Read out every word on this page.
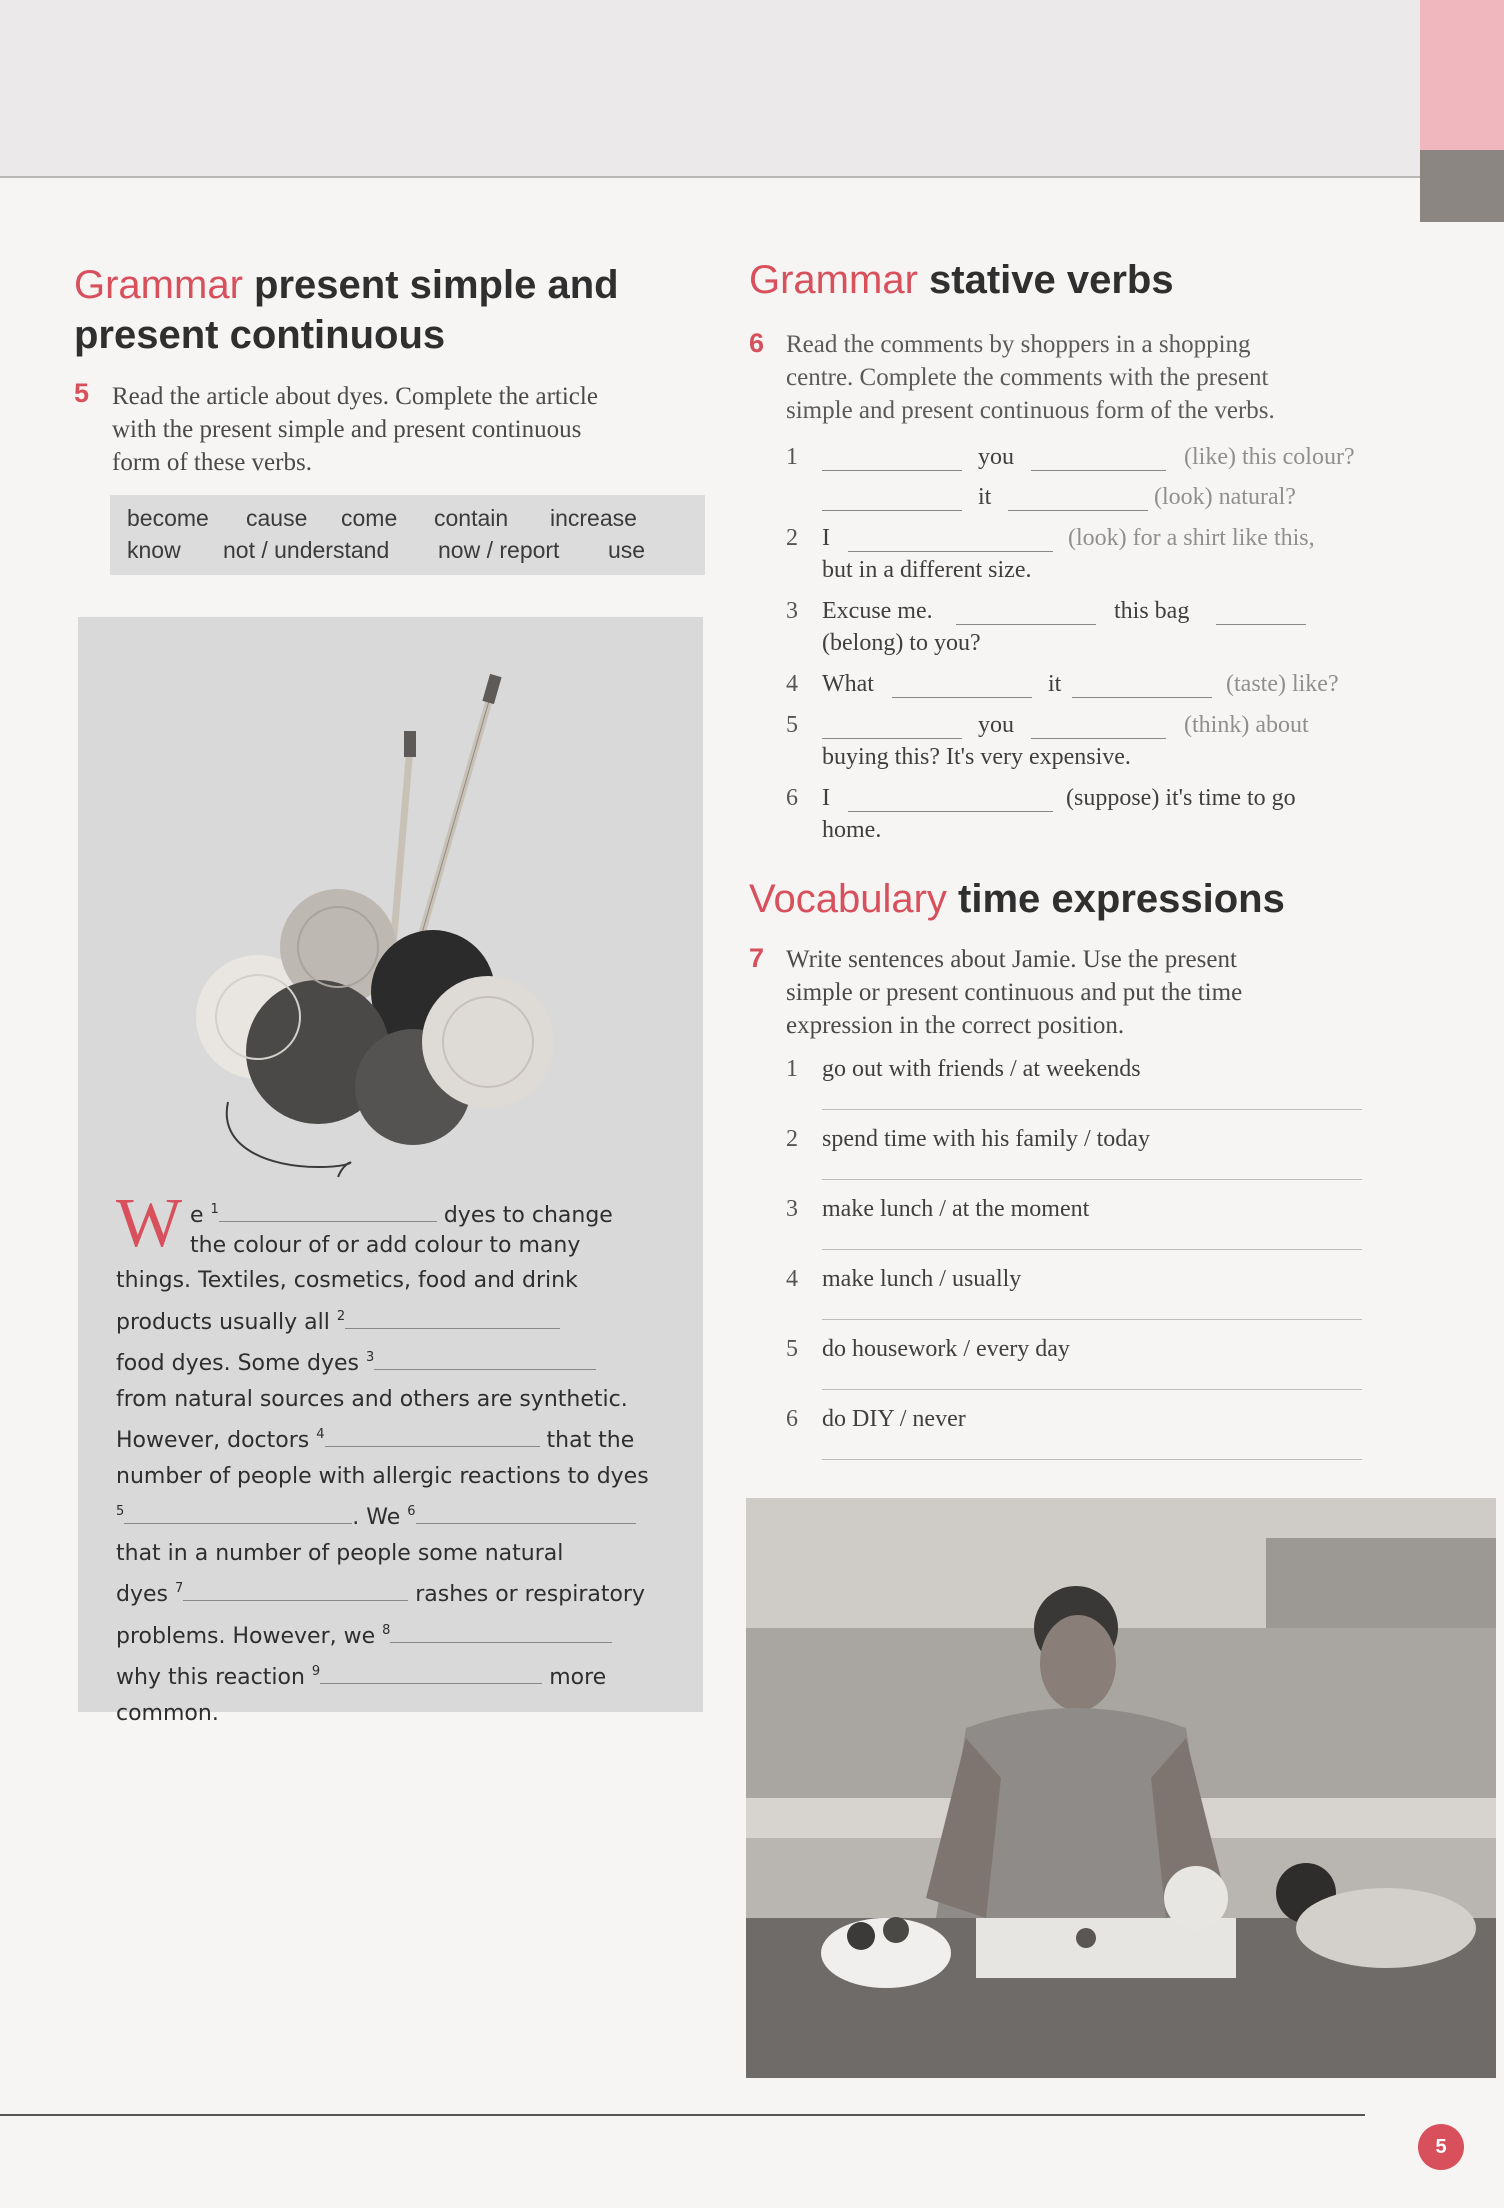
Grammar present simple and
present continuous
5 Read the article about dyes. Complete the article
with the present simple and present continuous
form of these verbs.
become cause come contain increase
know not / understand now / report use
W e $^1$	dyes to change
the colour of or add colour to many
things. Textiles, cosmetics, food and drink
products usually all $^2$
food dyes. Some dyes $^3$
from natural sources and others are synthetic.
However, doctors $^4$	that the
number of people with allergic reactions to dyes
$^5$	. We $^6$
that in a number of people some natural
dyes $^7$	rashes or respiratory
problems. However, we $^8$
why this reaction $^9$	more
common.
Grammar stative verbs
6 Read the comments by shoppers in a shopping
centre. Complete the comments with the present
simple and present continuous form of the verbs.
1	you	(like) this colour?
it	(look) natural?
2 I	(look) for a shirt like this,
but in a different size.
3 Excuse me.	this bag
(belong) to you?
4 What	it	(taste) like?
5	you	(think) about
buying this? It's very expensive.
6 I	(suppose) it's time to go
home.
Vocabulary time expressions
7 Write sentences about Jamie. Use the present
simple or present continuous and put the time
expression in the correct position.
1 go out with friends / at weekends
2 spend time with his family / today
3 make lunch / at the moment
4 make lunch / usually
5 do housework / every day
6 do DIY / never
5
